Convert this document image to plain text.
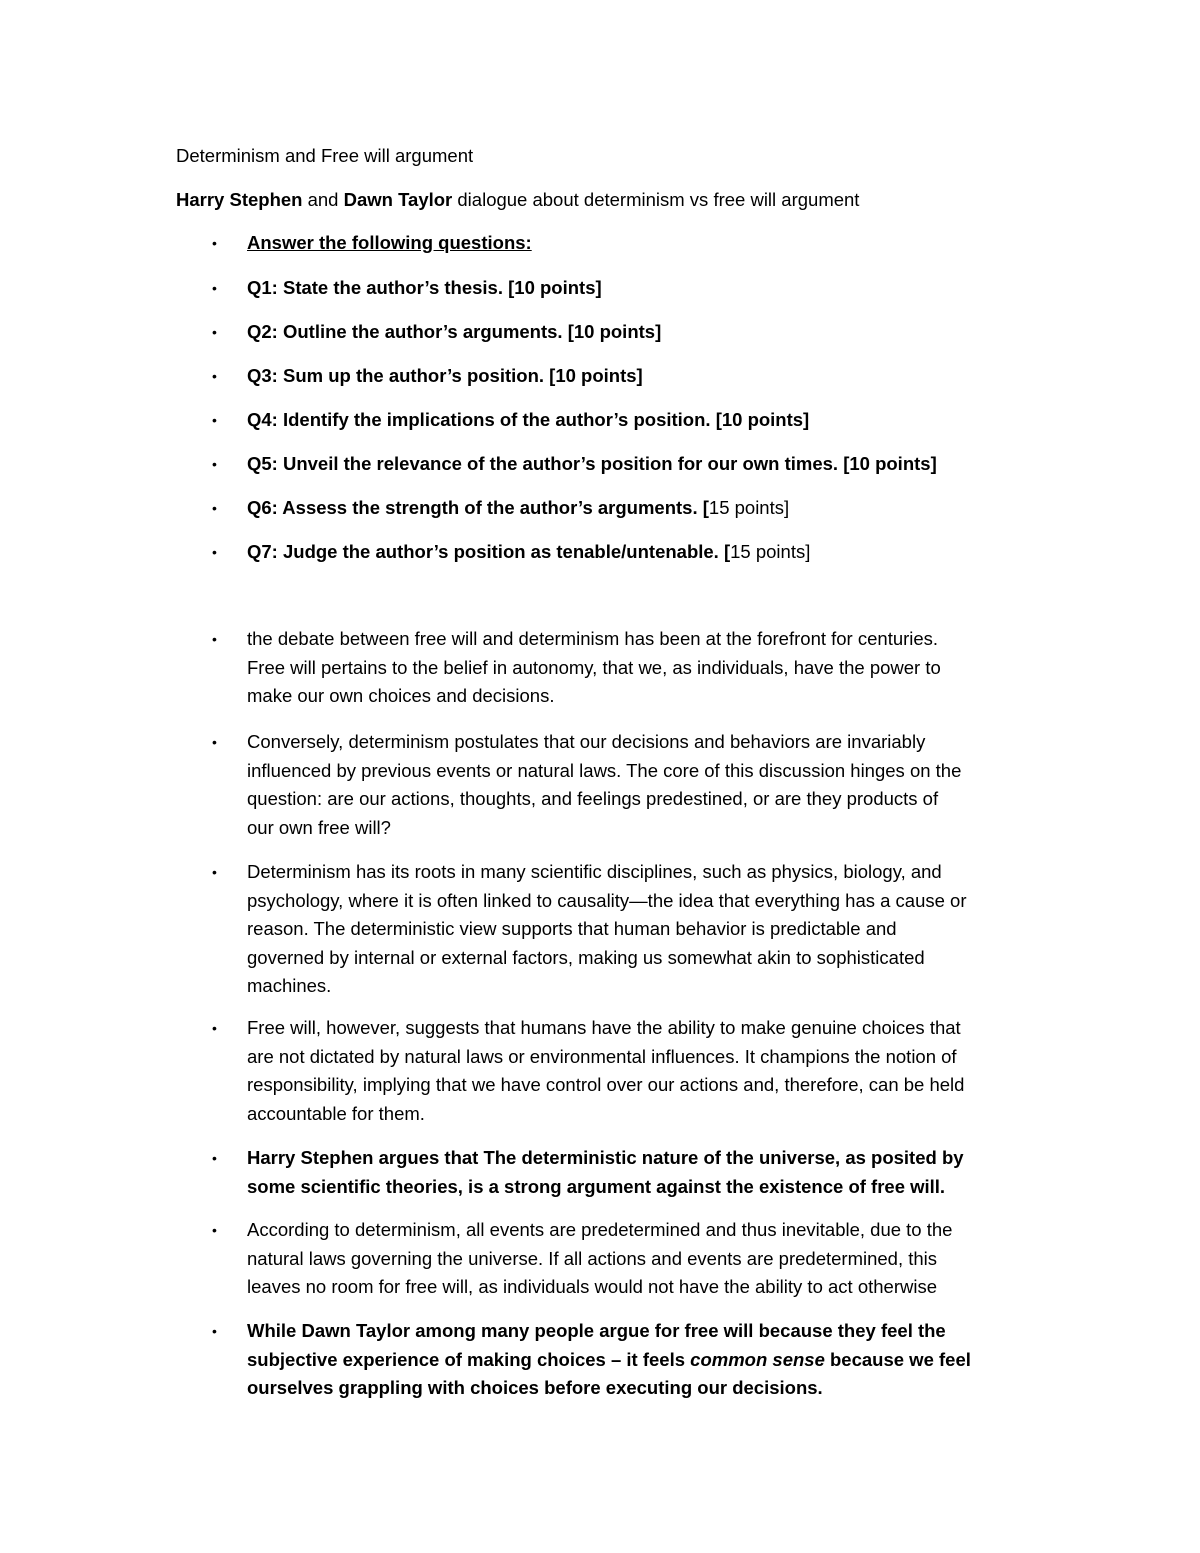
Determinism and Free will argument
Harry Stephen and Dawn Taylor dialogue about determinism vs free will argument
• Answer the following questions:
• Q1: State the author’s thesis. [10 points]
• Q2: Outline the author’s arguments. [10 points]
• Q3: Sum up the author’s position. [10 points]
• Q4: Identify the implications of the author’s position. [10 points]
• Q5: Unveil the relevance of the author’s position for our own times. [10 points]
• Q6: Assess the strength of the author’s arguments. [15 points]
• Q7: Judge the author’s position as tenable/untenable. [15 points]
• the debate between free will and determinism has been at the forefront for centuries.
Free will pertains to the belief in autonomy, that we, as individuals, have the power to
make our own choices and decisions.
• Conversely, determinism postulates that our decisions and behaviors are invariably
influenced by previous events or natural laws. The core of this discussion hinges on the
question: are our actions, thoughts, and feelings predestined, or are they products of
our own free will?
• Determinism has its roots in many scientific disciplines, such as physics, biology, and
psychology, where it is often linked to causality—the idea that everything has a cause or
reason. The deterministic view supports that human behavior is predictable and
governed by internal or external factors, making us somewhat akin to sophisticated
machines.
• Free will, however, suggests that humans have the ability to make genuine choices that
are not dictated by natural laws or environmental influences. It champions the notion of
responsibility, implying that we have control over our actions and, therefore, can be held
accountable for them.
• Harry Stephen argues that The deterministic nature of the universe, as posited by
some scientific theories, is a strong argument against the existence of free will.
• According to determinism, all events are predetermined and thus inevitable, due to the
natural laws governing the universe. If all actions and events are predetermined, this
leaves no room for free will, as individuals would not have the ability to act otherwise
• While Dawn Taylor among many people argue for free will because they feel the
subjective experience of making choices – it feels common sense because we feel
ourselves grappling with choices before executing our decisions.
